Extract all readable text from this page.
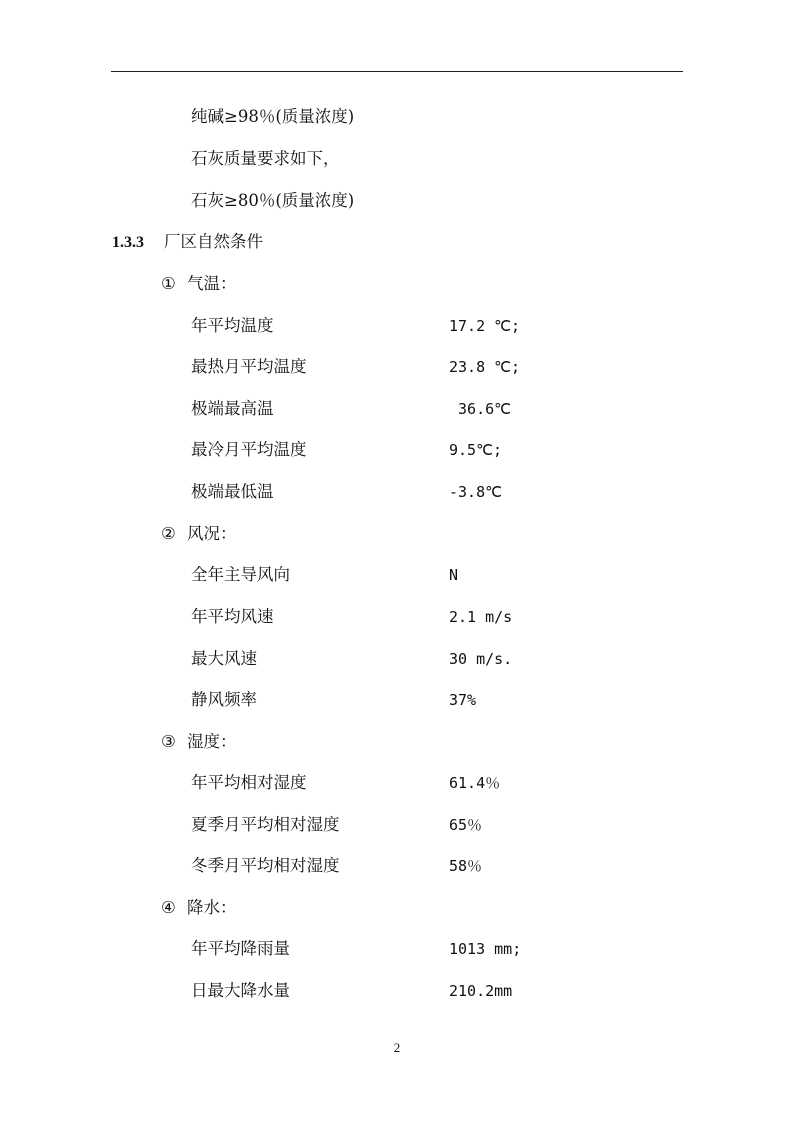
纯碱≥98％(质量浓度)
石灰质量要求如下，
石灰≥80％(质量浓度)
1.3.3 厂区自然条件
① 气温：
年平均温度	17.2 ℃;
最热月平均温度	23.8 ℃;
极端最高温	36.6℃
最冷月平均温度	9.5℃;
极端最低温	-3.8℃
② 风况：
全年主导风向	N
年平均风速	2.1 m/s
最大风速	30 m/s.
静风频率	37%
③ 湿度：
年平均相对湿度	61.4％
夏季月平均相对湿度	65％
冬季月平均相对湿度	58％
④ 降水：
年平均降雨量	1013 mm;
日最大降水量	210.2mm
2
